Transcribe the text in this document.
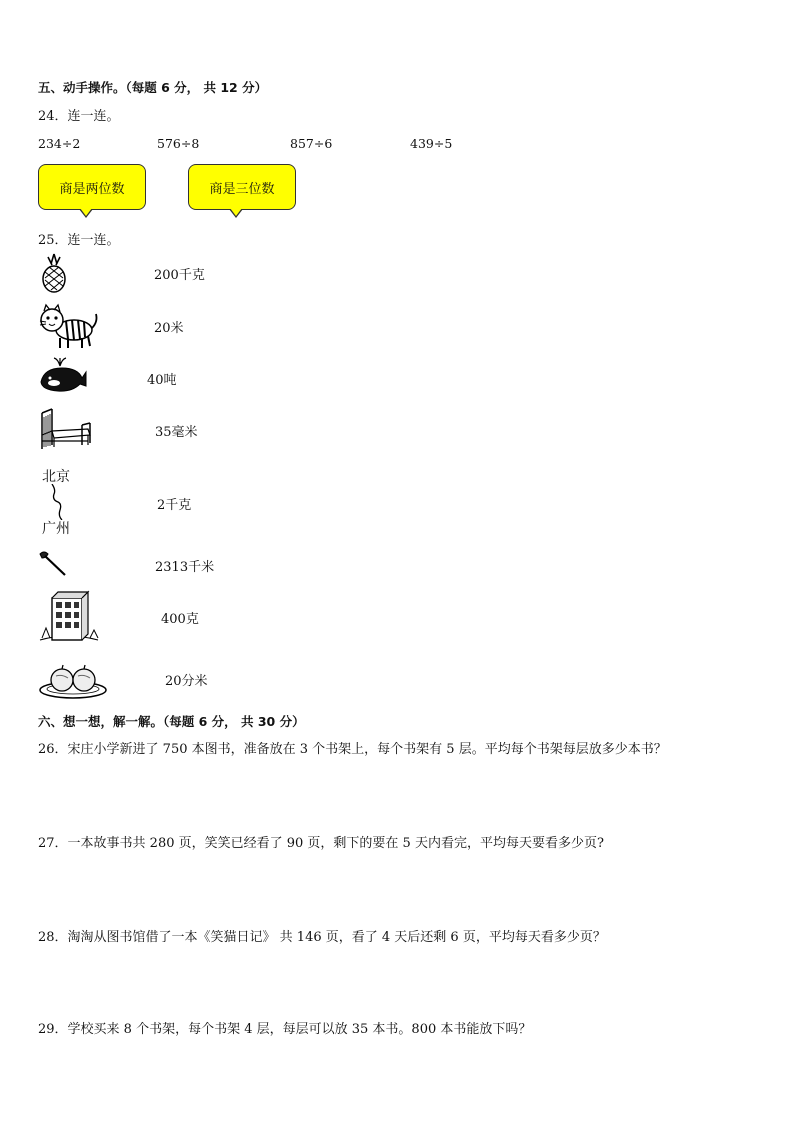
五、动手操作。（每题 6 分， 共 12 分）
24．连一连。
234÷2	576÷8	857÷6	439÷5
商是两位数	商是三位数
25．连一连。
北京
广州
200千克
20米
40吨
35毫米
2千克
2313千米
400克
20分米
六、想一想，解一解。（每题 6 分， 共 30 分）
26．宋庄小学新进了 750 本图书，准备放在 3 个书架上，每个书架有 5 层。平均每个书架每层放多少本书？
27．一本故事书共 280 页，笑笑已经看了 90 页，剩下的要在 5 天内看完，平均每天要看多少页?
28．淘淘从图书馆借了一本《笑猫日记》 共 146 页，看了 4 天后还剩 6 页，平均每天看多少页？
29．学校买来 8 个书架，每个书架 4 层，每层可以放 35 本书。800 本书能放下吗？
